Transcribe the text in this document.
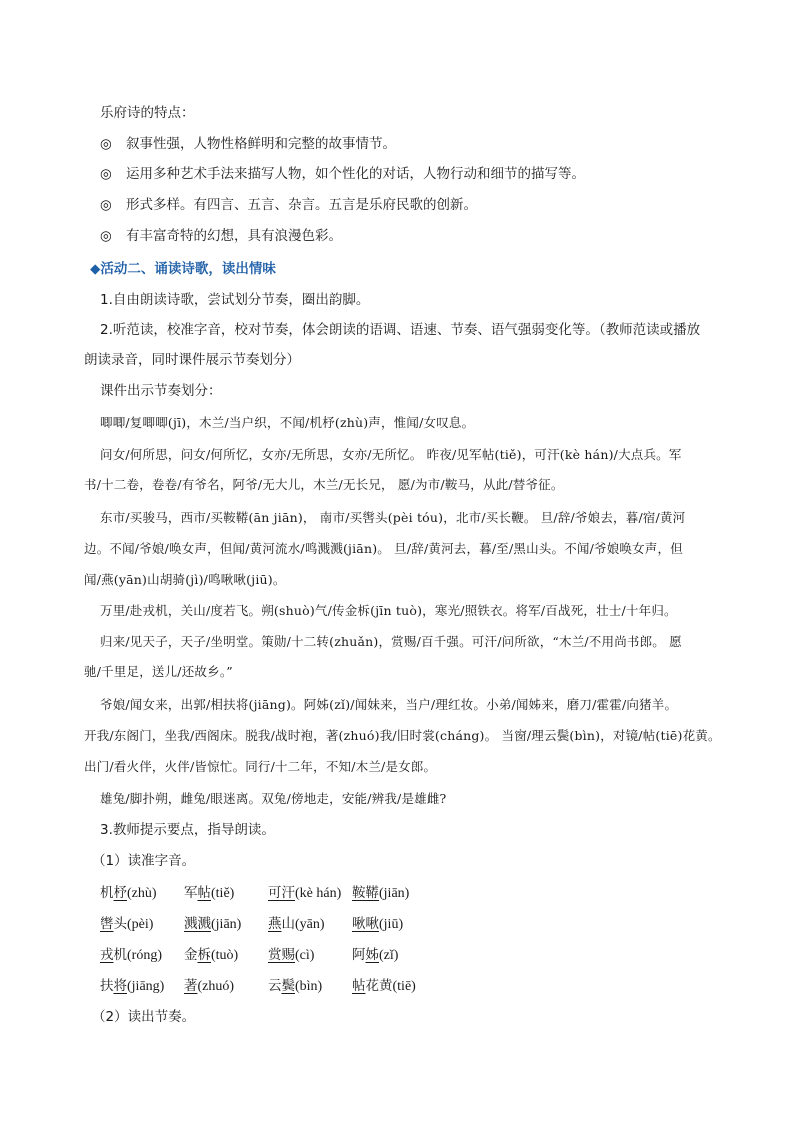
乐府诗的特点：
◎ 叙事性强，人物性格鲜明和完整的故事情节。
◎ 运用多种艺术手法来描写人物，如个性化的对话，人物行动和细节的描写等。
◎ 形式多样。有四言、五言、杂言。五言是乐府民歌的创新。
◎ 有丰富奇特的幻想，具有浪漫色彩。
◆活动二、诵读诗歌，读出情味
1.自由朗读诗歌，尝试划分节奏，圈出韵脚。
2.听范读，校准字音，校对节奏，体会朗读的语调、语速、节奏、语气强弱变化等。（教师范读或播放
朗读录音，同时课件展示节奏划分）
课件出示节奏划分：
唧唧/复唧唧(jī)，木兰/当户织，不闻/机杼(zhù)声，惟闻/女叹息。
问女/何所思，问女/何所忆，女亦/无所思，女亦/无所忆。 昨夜/见军帖(tiě)，可汗(kè hán)/大点兵。军
书/十二卷，卷卷/有爷名，阿爷/无大儿，木兰/无长兄， 愿/为市/鞍马，从此/替爷征。
东市/买骏马，西市/买鞍鞯(ān jiān)， 南市/买辔头(pèi tóu)，北市/买长鞭。 旦/辞/爷娘去，暮/宿/黄河
边。不闻/爷娘/唤女声，但闻/黄河流水/鸣溅溅(jiān)。 旦/辞/黄河去，暮/至/黑山头。不闻/爷娘唤女声，但
闻/燕(yān)山胡骑(jì)/鸣啾啾(jiū)。
万里/赴戎机，关山/度若飞。朔(shuò)气/传金柝(jīn tuò)，寒光/照铁衣。将军/百战死，壮士/十年归。
归来/见天子，天子/坐明堂。策勋/十二转(zhuǎn)，赏赐/百千强。可汗/问所欲，“木兰/不用尚书郎。 愿
驰/千里足，送儿/还故乡。”
爷娘/闻女来，出郭/相扶将(jiāng)。阿姊(zǐ)/闻妹来，当户/理红妆。小弟/闻姊来，磨刀/霍霍/向猪羊。
开我/东阁门，坐我/西阁床。脱我/战时袍，著(zhuó)我/旧时裳(cháng)。 当窗/理云鬓(bìn)，对镜/帖(tiē)花黄。
出门/看火伴，火伴/皆惊忙。同行/十二年，不知/木兰/是女郎。
雄兔/脚扑朔，雌兔/眼迷离。双兔/傍地走，安能/辨我/是雄雌?
3.教师提示要点，指导朗读。
（1）读准字音。
机杼(zhù) 军帖(tiě) 可汗(kè hán) 鞍鞯(jiān)
辔头(pèi) 溅溅(jiān) 燕山(yān) 啾啾(jiū)
戎机(róng) 金柝(tuò) 赏赐(cì)	阿姊(zǐ)
扶将(jiāng) 著(zhuó)	云鬓(bìn) 帖花黄(tiē)
（2）读出节奏。
